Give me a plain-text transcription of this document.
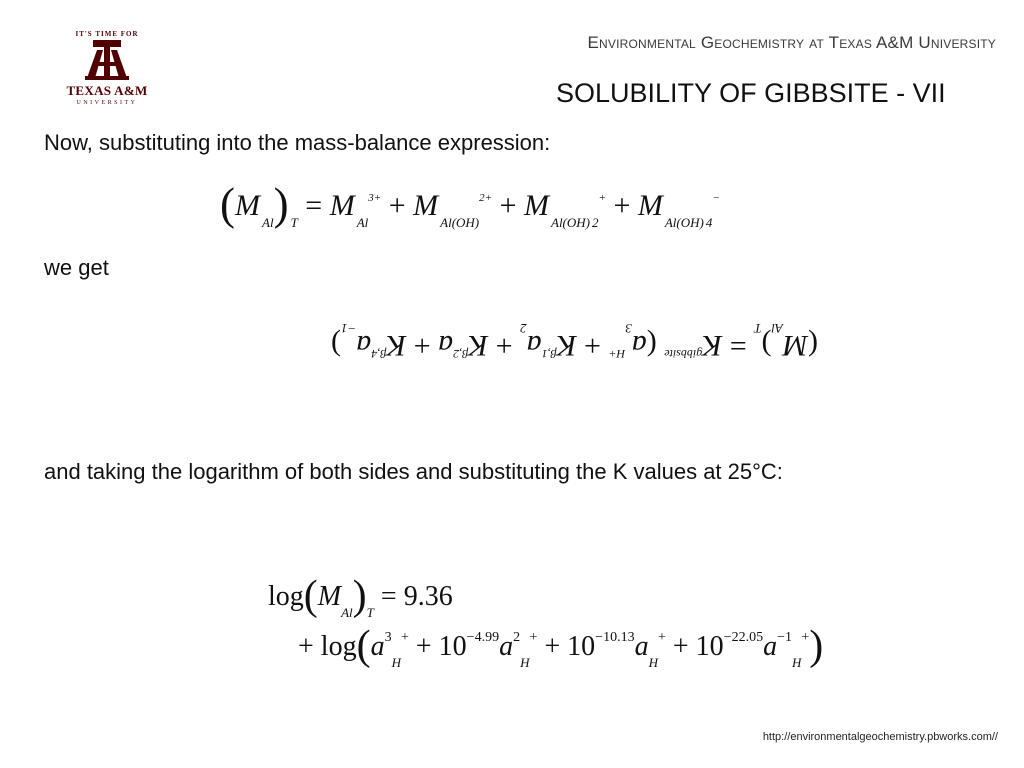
IT'S TIME FOR
TEXAS A&M
UNIVERSITY
Environmental Geochemistry at Texas A&M University
SOLUBILITY OF GIBBSITE - VII
Now, substituting into the mass-balance expression:
$(M_{Al}) _T = M_{Al}^{3+} + M_{Al(OH)}^{2+} + M_{Al(OH)}$ $_2^+ + M_{Al(OH)}$ $_4$−
we get
$(M_{Al})_T = K^{gibbsite}$ $(a_3^{H+} + K^{\beta,1}a_2 + K^{\beta,2}a + K^{\beta,4}a_{-1})$
and taking the logarithm of both sides and substituting the K values at 25°C:
$\log(M_{Al})_T = 9.36$
+ $\log(a^3_H^+ + 10^{-4.99}a^2_H^+ + 10^{-10.13}a_H^+ + 10^{-22.05}a^{-1}_H^+)$
http://environmentalgeochemistry.pbworks.com//
